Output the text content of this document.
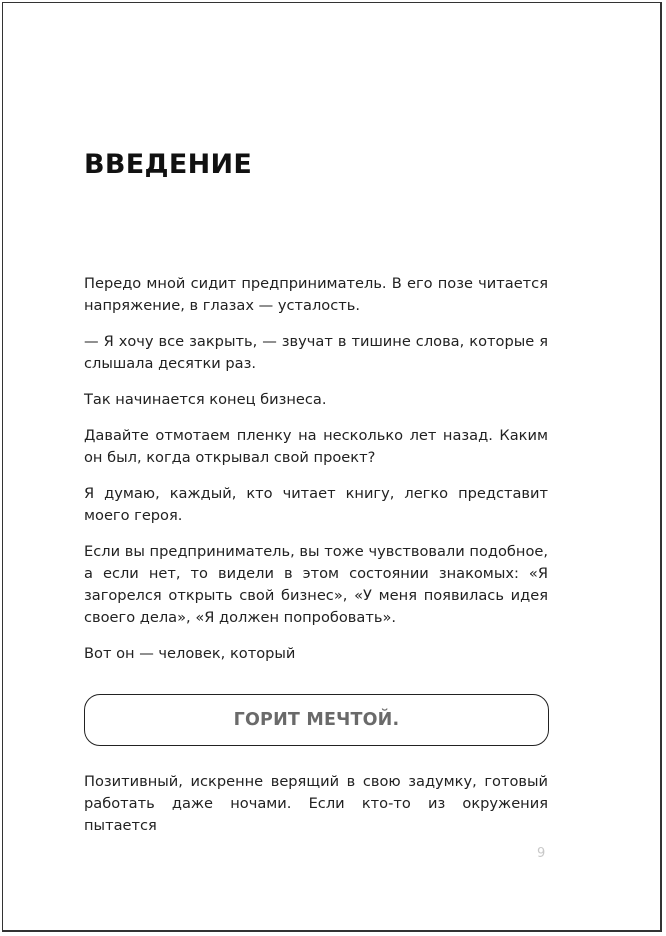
ВВЕДЕНИЕ

Передо мной сидит предприниматель. В его позе читается напряжение, в глазах — усталость.

— Я хочу все закрыть, — звучат в тишине слова, которые я слышала десятки раз.

Так начинается конец бизнеса.

Давайте отмотаем пленку на несколько лет назад. Каким он был, когда открывал свой проект?

Я думаю, каждый, кто читает книгу, легко представит моего героя.

Если вы предприниматель, вы тоже чувствовали подобное, а если нет, то видели в этом состоянии знакомых: «Я загорелся открыть свой бизнес», «У меня появилась идея своего дела», «Я должен попробовать».

Вот он — человек, который

ГОРИТ МЕЧТОЙ.

Позитивный, искренне верящий в свою задумку, готовый работать даже ночами. Если кто-то из окружения пытается

9
